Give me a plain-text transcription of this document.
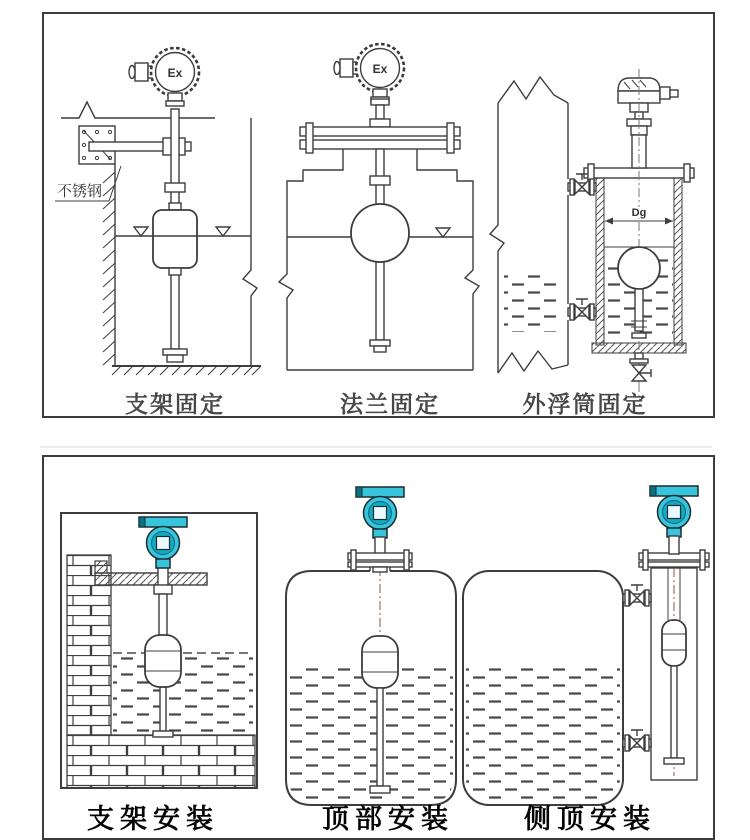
不锈钢
Dg
支架固定	法兰固定	外浮筒固定
支架安装	顶部安装	侧顶安装
